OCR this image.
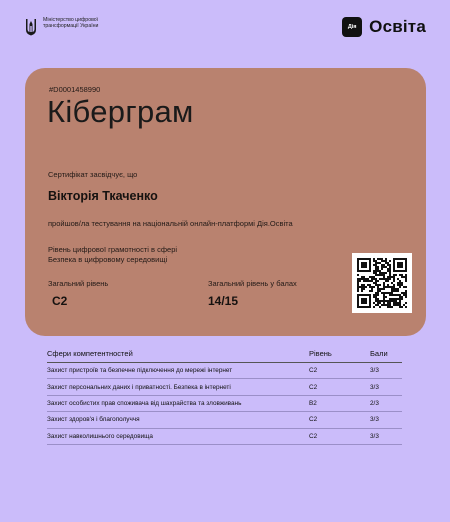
Міністерство цифрової трансформації України	Дія Освіта
#D0001458990
Кіберграм
Сертифікат засвідчує, що
Вікторія Ткаченко
пройшов/ла тестування на національній онлайн-платформі Дія.Освіта
Рівень цифрової грамотності в сфері
Безпека в цифровому середовищі
Загальний рівень
C2
Загальний рівень у балах
14/15
Сфери компетентностей	Рівень	Бали
Захист пристроїв та безпечне підключення до мережі інтернет	C2	3/3
Захист персональних даних і приватності. Безпека в інтернеті	C2	3/3
Захист особистих прав споживача від шахрайства та зловживань	B2	2/3
Захист здоров'я і благополуччя	C2	3/3
Захист навколишнього середовища	C2	3/3
